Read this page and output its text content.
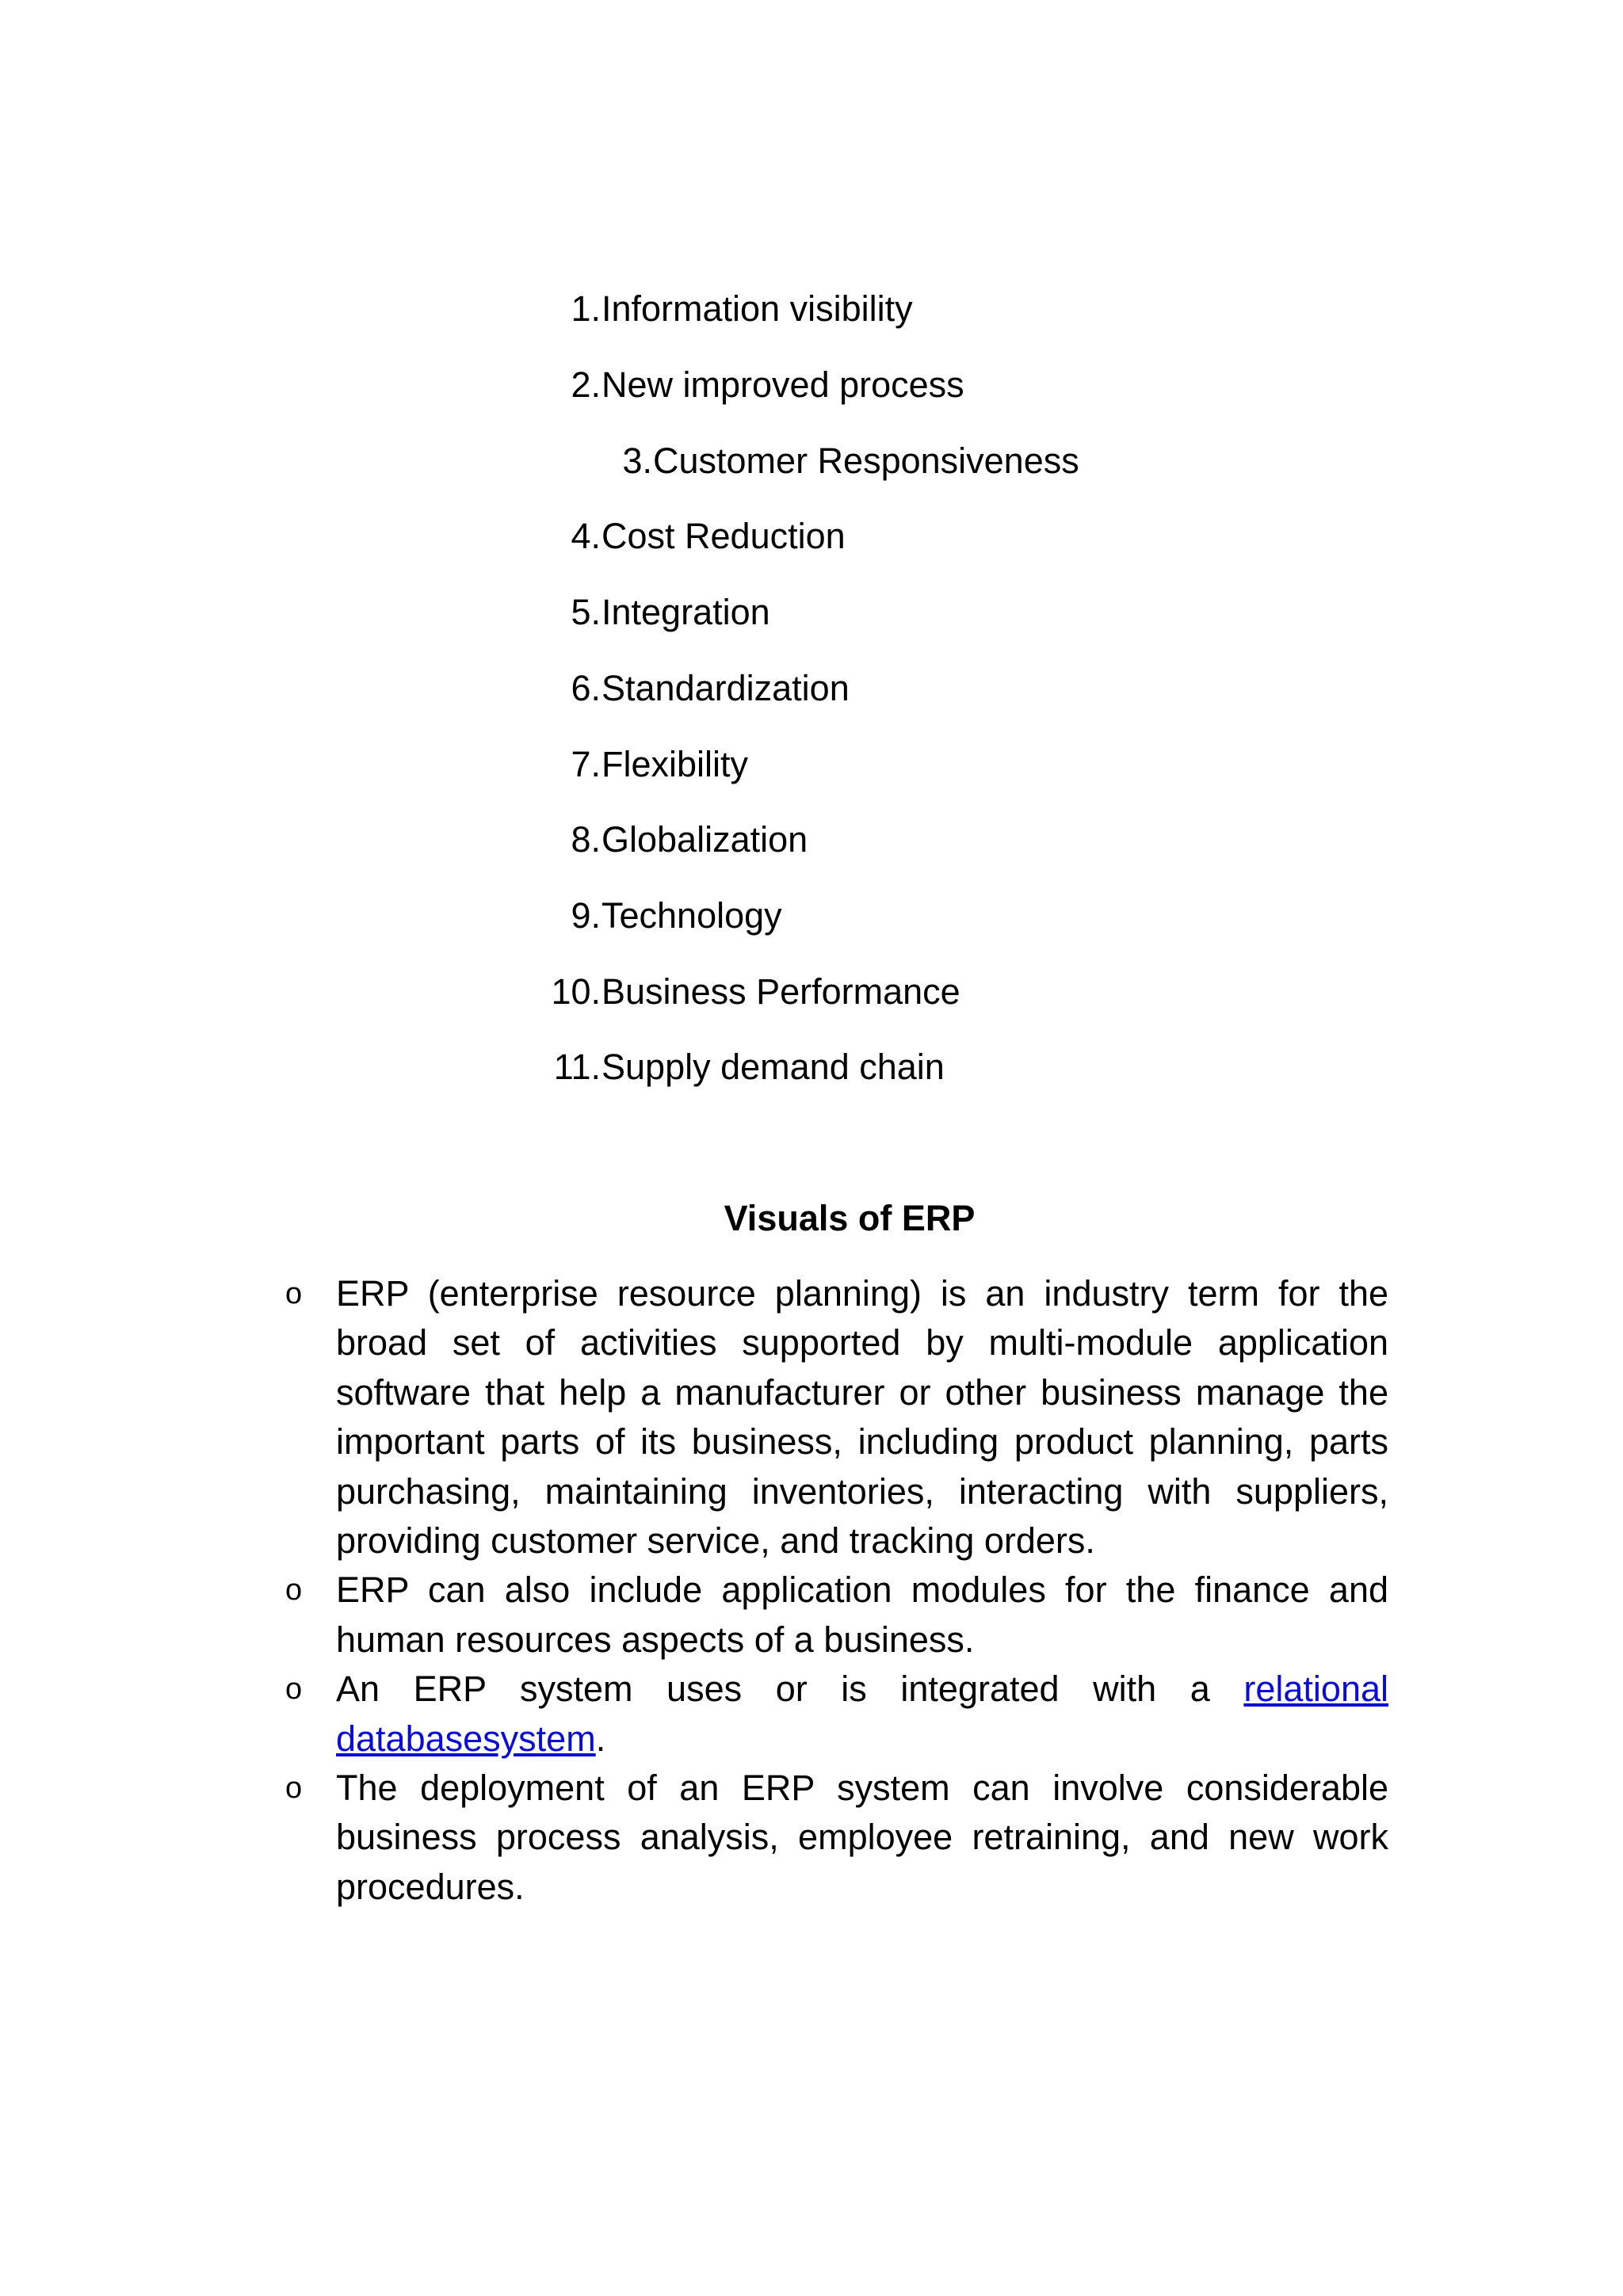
1. Information visibility
2. New improved process
3. Customer Responsiveness
4. Cost Reduction
5. Integration
6. Standardization
7. Flexibility
8. Globalization
9. Technology
10. Business Performance
11. Supply demand chain
Visuals of ERP
o ERP (enterprise resource planning) is an industry term for the broad set of activities supported by multi-module application software that help a manufacturer or other business manage the important parts of its business, including product planning, parts purchasing, maintaining inventories, interacting with suppliers, providing customer service, and tracking orders.
o ERP can also include application modules for the finance and human resources aspects of a business.
o An ERP system uses or is integrated with a relational databasesystem.
o The deployment of an ERP system can involve considerable business process analysis, employee retraining, and new work procedures.
